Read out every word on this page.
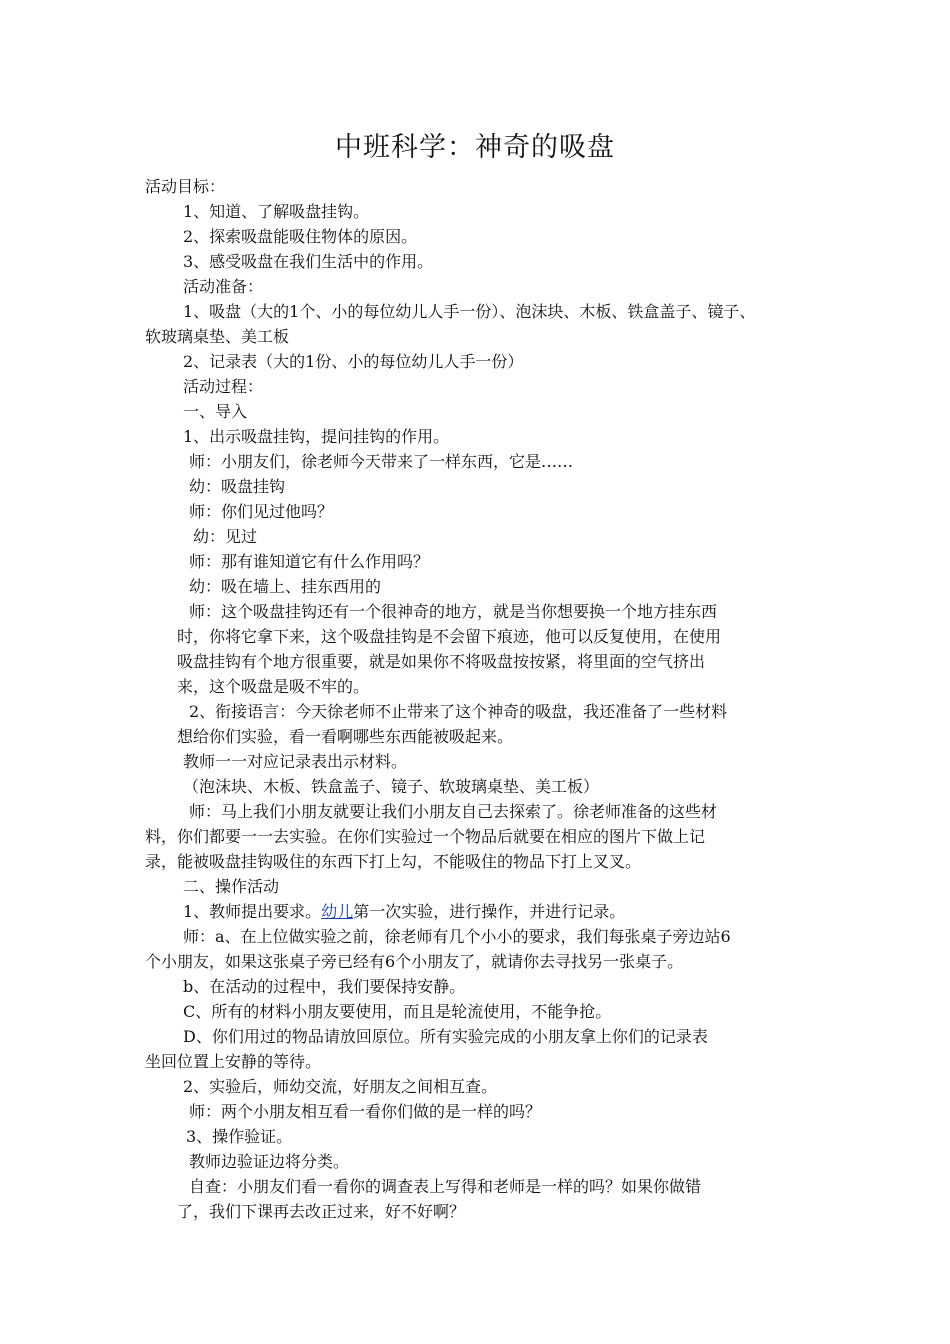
中班科学：神奇的吸盘
活动目标：
1、知道、了解吸盘挂钩。
2、探索吸盘能吸住物体的原因。
3、感受吸盘在我们生活中的作用。
活动准备：
1、吸盘（大的1个、小的每位幼儿人手一份）、泡沫块、木板、铁盒盖子、镜子、
软玻璃桌垫、美工板
2、记录表（大的1份、小的每位幼儿人手一份）
活动过程：
一、导入
1、出示吸盘挂钩，提问挂钩的作用。
师：小朋友们，徐老师今天带来了一样东西，它是……
幼：吸盘挂钩
师：你们见过他吗？
幼：见过
师：那有谁知道它有什么作用吗？
幼：吸在墙上、挂东西用的
师：这个吸盘挂钩还有一个很神奇的地方，就是当你想要换一个地方挂东西
时，你将它拿下来，这个吸盘挂钩是不会留下痕迹，他可以反复使用，在使用
吸盘挂钩有个地方很重要，就是如果你不将吸盘按按紧，将里面的空气挤出
来，这个吸盘是吸不牢的。
2、衔接语言：今天徐老师不止带来了这个神奇的吸盘，我还准备了一些材料
想给你们实验，看一看啊哪些东西能被吸起来。
教师一一对应记录表出示材料。
（泡沫块、木板、铁盒盖子、镜子、软玻璃桌垫、美工板）
师：马上我们小朋友就要让我们小朋友自己去探索了。徐老师准备的这些材
料，你们都要一一去实验。在你们实验过一个物品后就要在相应的图片下做上记
录，能被吸盘挂钩吸住的东西下打上勾，不能吸住的物品下打上叉叉。
二、操作活动
1、教师提出要求。幼儿第一次实验，进行操作，并进行记录。
师：a、在上位做实验之前，徐老师有几个小小的要求，我们每张桌子旁边站6
个小朋友，如果这张桌子旁已经有6个小朋友了，就请你去寻找另一张桌子。
b、在活动的过程中，我们要保持安静。
C、所有的材料小朋友要使用，而且是轮流使用，不能争抢。
D、你们用过的物品请放回原位。所有实验完成的小朋友拿上你们的记录表
坐回位置上安静的等待。
2、实验后，师幼交流，好朋友之间相互查。
师：两个小朋友相互看一看你们做的是一样的吗？
3、操作验证。
教师边验证边将分类。
自查：小朋友们看一看你的调查表上写得和老师是一样的吗？如果你做错
了，我们下课再去改正过来，好不好啊？
